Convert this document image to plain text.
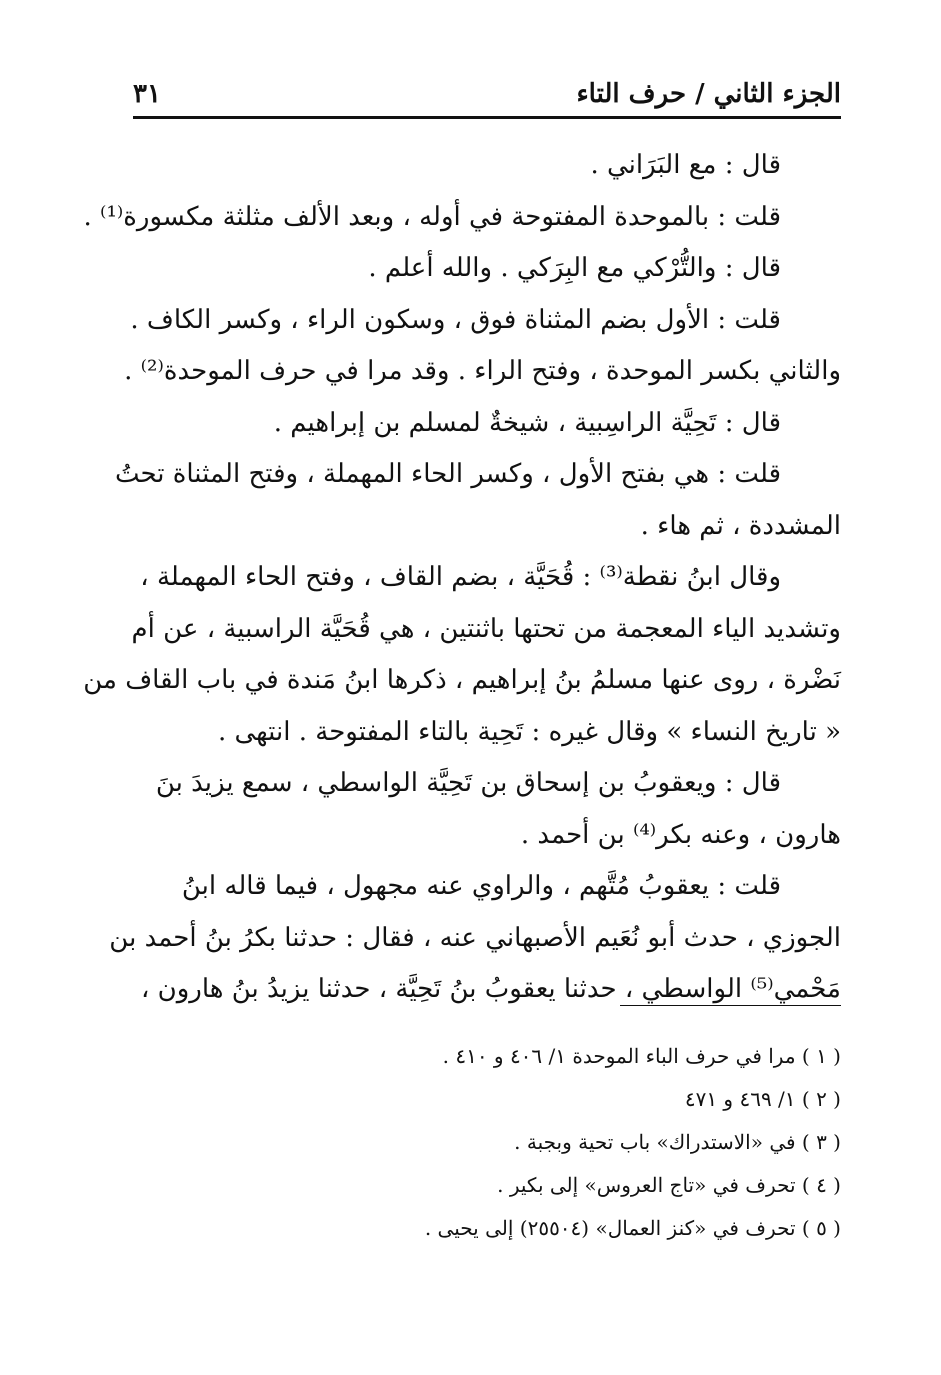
٣١	الجزء الثاني / حرف التاء
قال : مع البَرَاني .
قلت : بالموحدة المفتوحة في أوله ، وبعد الألف مثلثة مكسورة⁽¹⁾ .
قال : والتُّرْكي مع البِرَكي . والله أعلم .
قلت : الأول بضم المثناة فوق ، وسكون الراء ، وكسر الكاف .
والثاني بكسر الموحدة ، وفتح الراء . وقد مرا في حرف الموحدة⁽²⁾ .
قال : تَحِيَّة الراسِبية ، شيخةٌ لمسلم بن إبراهيم .
قلت : هي بفتح الأول ، وكسر الحاء المهملة ، وفتح المثناة تحتُ
المشددة ، ثم هاء .
وقال ابنُ نقطة⁽³⁾ : قُحَيَّة ، بضم القاف ، وفتح الحاء المهملة ،
وتشديد الياء المعجمة من تحتها باثنتين ، هي قُحَيَّة الراسبية ، عن أم
نَضْرة ، روى عنها مسلمُ بنُ إبراهيم ، ذكرها ابنُ مَندة في باب القاف من
« تاريخ النساء » وقال غيره : تَحِية بالتاء المفتوحة . انتهى .
قال : ويعقوبُ بن إسحاق بن تَحِيَّة الواسطي ، سمع يزيدَ بنَ
هارون ، وعنه بكر⁽⁴⁾ بن أحمد .
قلت : يعقوبُ مُتَّهم ، والراوي عنه مجهول ، فيما قاله ابنُ
الجوزي ، حدث أبو نُعَيم الأصبهاني عنه ، فقال : حدثنا بكرُ بنُ أحمد بن
مَحْمي⁽⁵⁾ الواسطي ، حدثنا يعقوبُ بنُ تَحِيَّة ، حدثنا يزيدُ بنُ هارون ،
( ١ ) مرا في حرف الباء الموحدة ١/ ٤٠٦ و ٤١٠ .
( ٢ ) ١/ ٤٦٩ و ٤٧١
( ٣ ) في «الاستدراك» باب تحية وبجبة .
( ٤ ) تحرف في «تاج العروس» إلى بكير .
( ٥ ) تحرف في «كنز العمال» (٢٥٥٠٤) إلى يحيى .
